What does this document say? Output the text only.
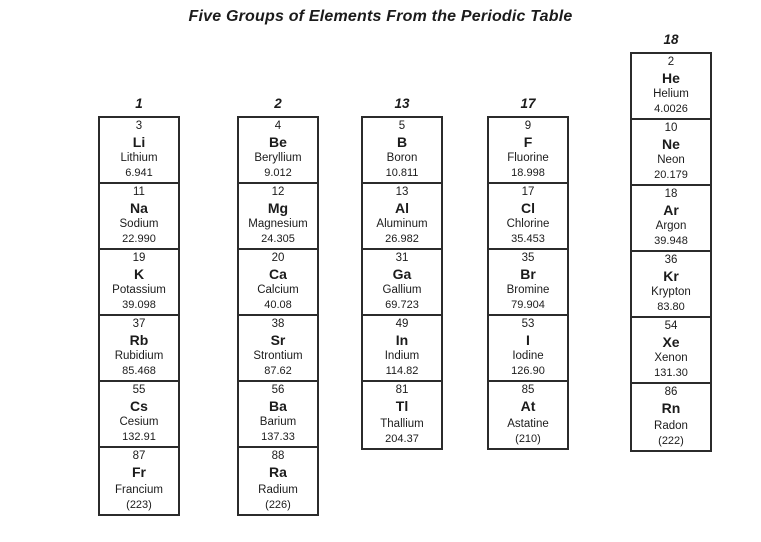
Five Groups of Elements From the Periodic Table
1
3
Li
Lithium
6.941
11
Na
Sodium
22.990
19
K
Potassium
39.098
37
Rb
Rubidium
85.468
55
Cs
Cesium
132.91
87
Fr
Francium
(223)
2
4
Be
Beryllium
9.012
12
Mg
Magnesium
24.305
20
Ca
Calcium
40.08
38
Sr
Strontium
87.62
56
Ba
Barium
137.33
88
Ra
Radium
(226)
13
5
B
Boron
10.811
13
Al
Aluminum
26.982
31
Ga
Gallium
69.723
49
In
Indium
114.82
81
Tl
Thallium
204.37
17
9
F
Fluorine
18.998
17
Cl
Chlorine
35.453
35
Br
Bromine
79.904
53
I
Iodine
126.90
85
At
Astatine
(210)
18
2
He
Helium
4.0026
10
Ne
Neon
20.179
18
Ar
Argon
39.948
36
Kr
Krypton
83.80
54
Xe
Xenon
131.30
86
Rn
Radon
(222)
